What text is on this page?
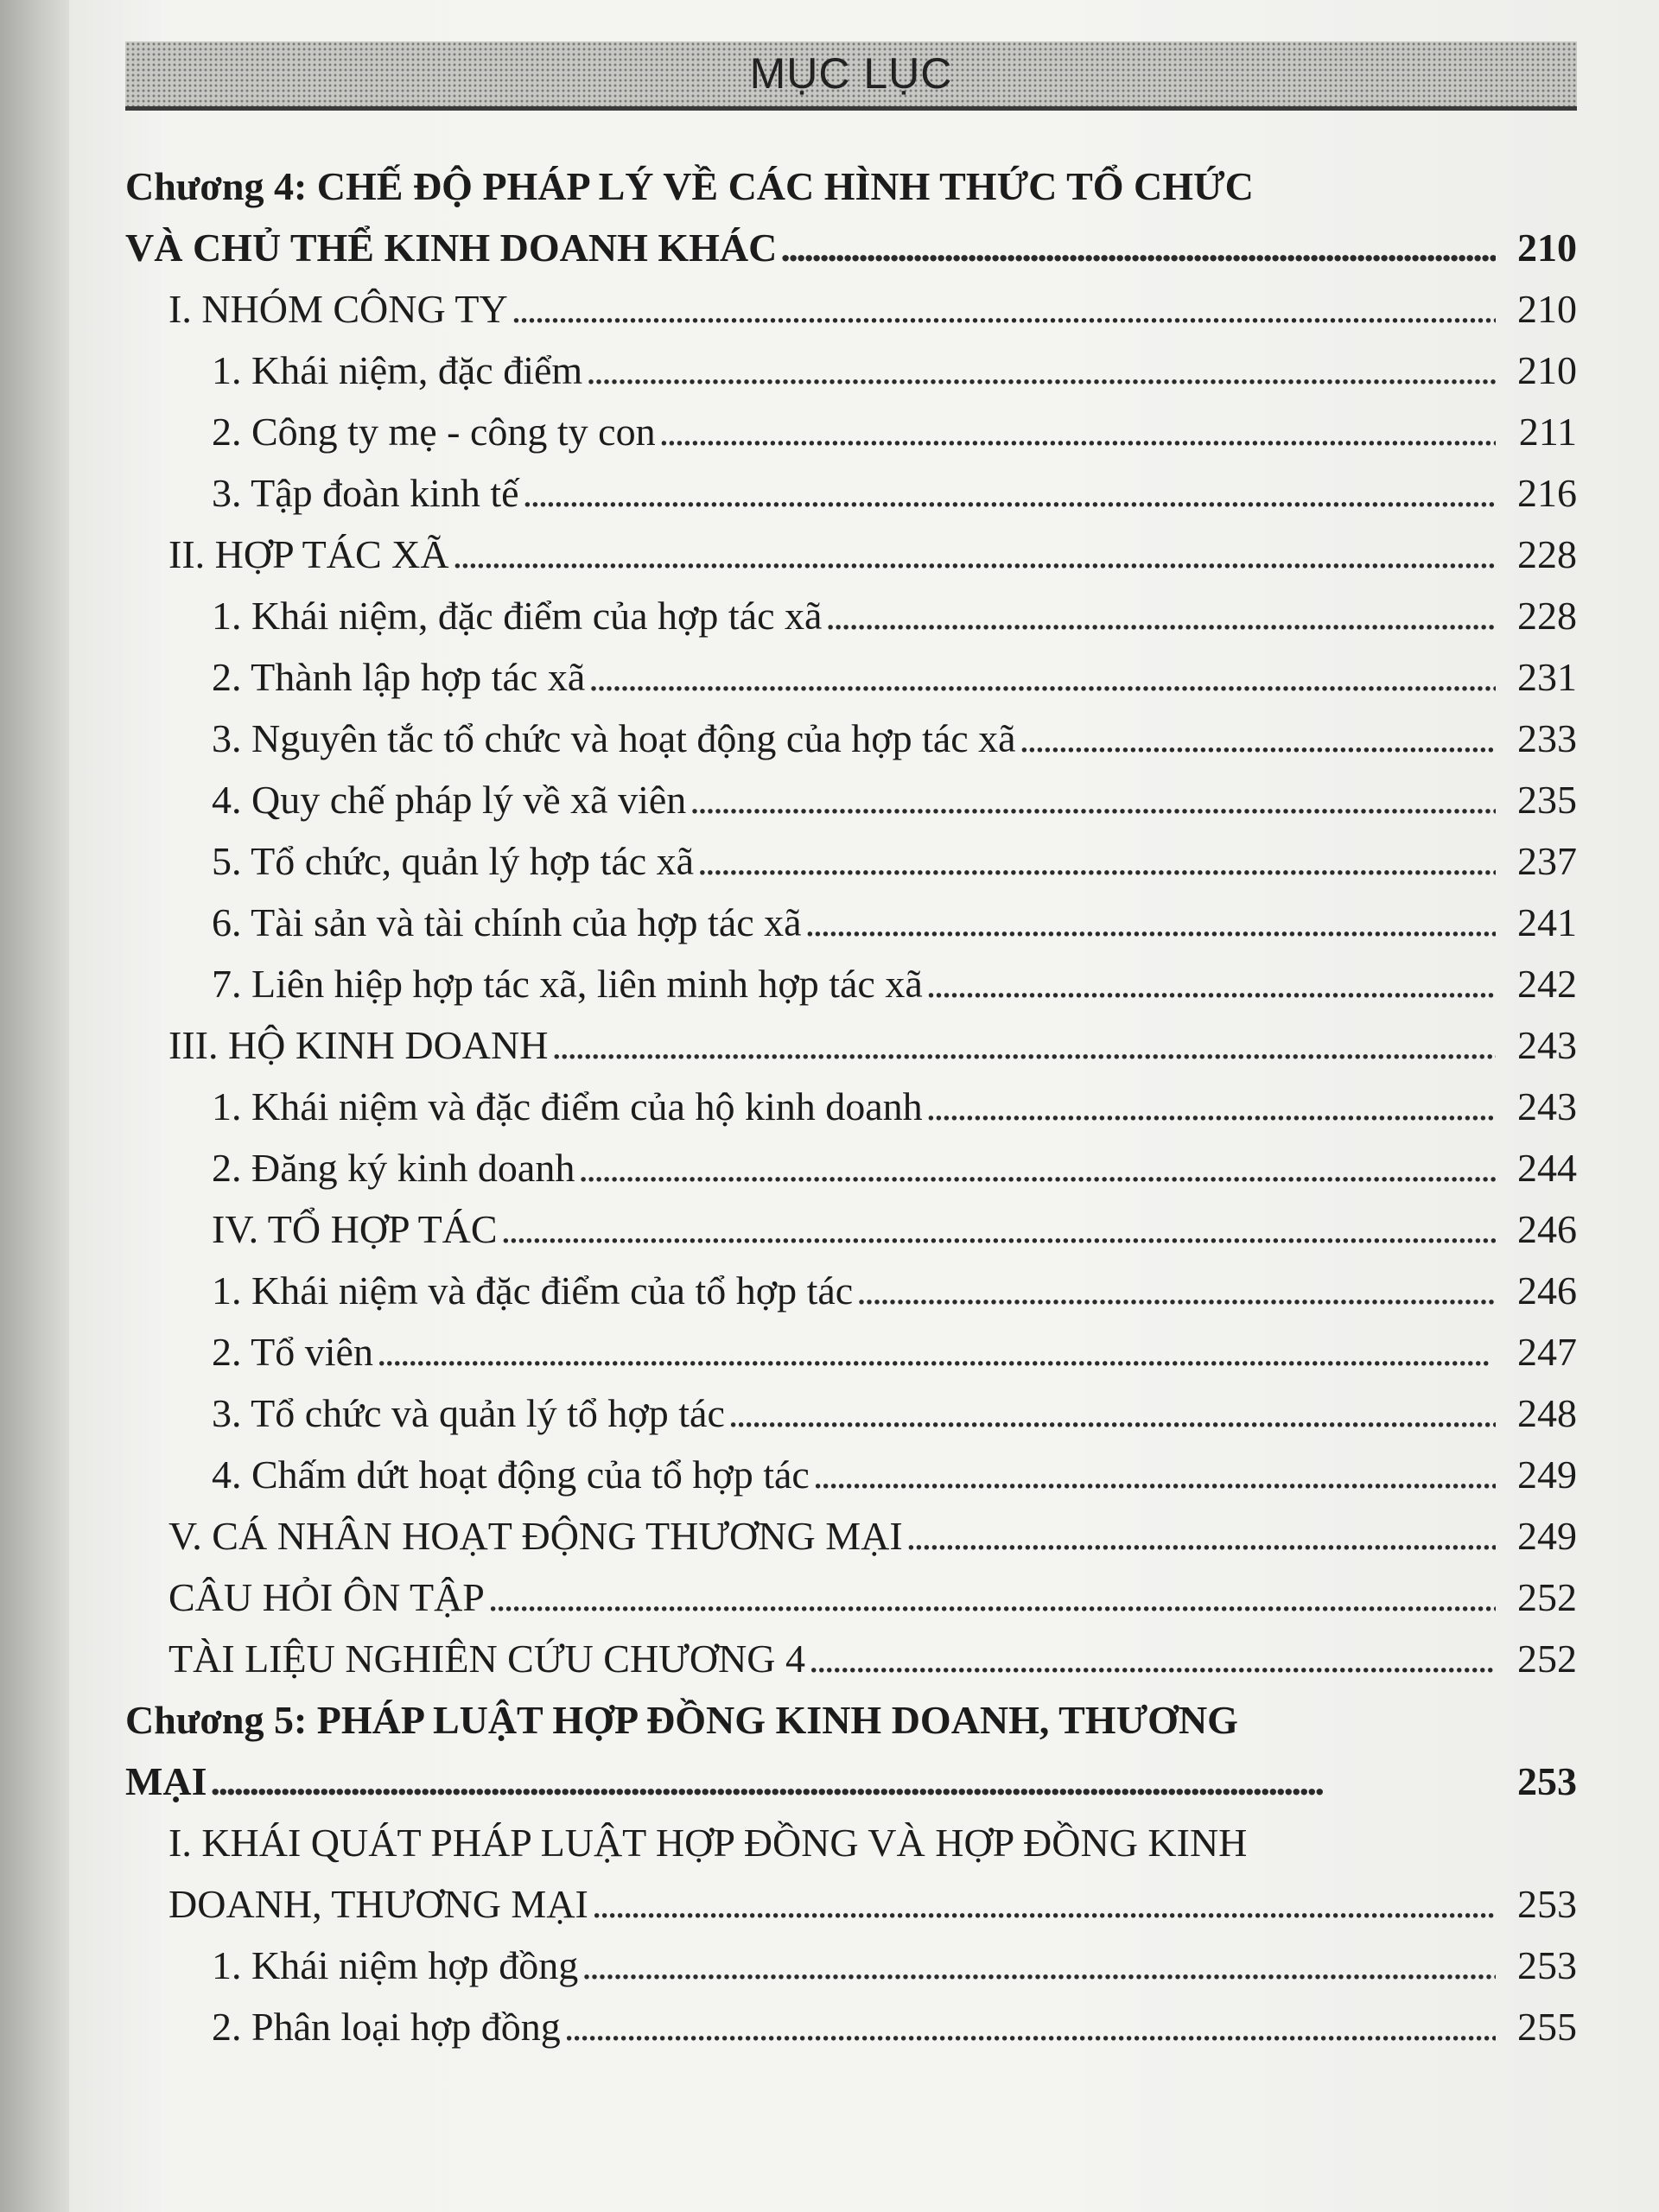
MỤC LỤC
Chương 4: CHẾ ĐỘ PHÁP LÝ VỀ CÁC HÌNH THỨC TỔ CHỨC
VÀ CHỦ THỂ KINH DOANH KHÁC . . .	210
I. NHÓM CÔNG TY . . .	210
1. Khái niệm, đặc điểm . . .	210
2. Công ty mẹ - công ty con . . .	211
3. Tập đoàn kinh tế . . .	216
II. HỢP TÁC XÃ . . .	228
1. Khái niệm, đặc điểm của hợp tác xã . . .	228
2. Thành lập hợp tác xã . . .	231
3. Nguyên tắc tổ chức và hoạt động của hợp tác xã . . .	233
4. Quy chế pháp lý về xã viên . . .	235
5. Tổ chức, quản lý hợp tác xã . . .	237
6. Tài sản và tài chính của hợp tác xã . . .	241
7. Liên hiệp hợp tác xã, liên minh hợp tác xã . . .	242
III. HỘ KINH DOANH . . .	243
1. Khái niệm và đặc điểm của hộ kinh doanh . . .	243
2. Đăng ký kinh doanh . . .	244
IV. TỔ HỢP TÁC . . .	246
1. Khái niệm và đặc điểm của tổ hợp tác . . .	246
2. Tổ viên . . .	247
3. Tổ chức và quản lý tổ hợp tác . . .	248
4. Chấm dứt hoạt động của tổ hợp tác . . .	249
V. CÁ NHÂN HOẠT ĐỘNG THƯƠNG MẠI . . .	249
CÂU HỎI ÔN TẬP . . .	252
TÀI LIỆU NGHIÊN CỨU CHƯƠNG 4 . . .	252
Chương 5: PHÁP LUẬT HỢP ĐỒNG KINH DOANH, THƯƠNG
MẠI . . .	253
I. KHÁI QUÁT PHÁP LUẬT HỢP ĐỒNG VÀ HỢP ĐỒNG KINH
DOANH, THƯƠNG MẠI . . .	253
1. Khái niệm hợp đồng . . .	253
2. Phân loại hợp đồng . . .	255
